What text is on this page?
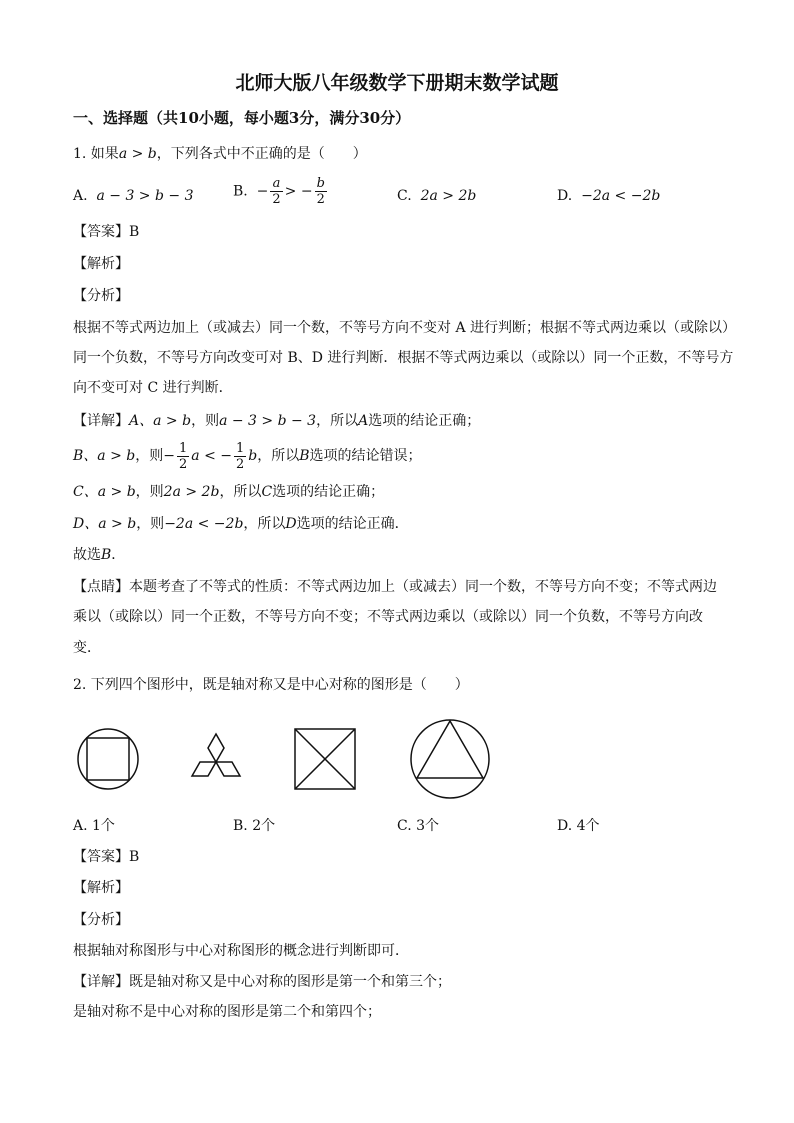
北师大版八年级数学下册期末数学试题
一、选择题（共10小题，每小题3分，满分30分）
1. 如果a > b，下列各式中不正确的是（　　）
A. a − 3 > b − 3	B. − $\frac{a}{2}$ > − $\frac{b}{2}$	C. 2a > 2b	D. −2a < −2b
【答案】B
【解析】
【分析】
根据不等式两边加上（或减去）同一个数，不等号方向不变对 A 进行判断；根据不等式两边乘以（或除以）
同一个负数，不等号方向改变可对 B、D 进行判断．根据不等式两边乘以（或除以）同一个正数，不等号方
向不变可对 C 进行判断．
【详解】A、a > b，则a − 3 > b − 3，所以A选项的结论正确；
B、a > b，则− $\frac{1}{2}$ a < − $\frac{1}{2}$ b，所以B选项的结论错误；
C、a > b，则2a > 2b，所以C选项的结论正确；
D、a > b，则−2a < −2b，所以D选项的结论正确．
故选B．
【点睛】本题考查了不等式的性质：不等式两边加上（或减去）同一个数，不等号方向不变；不等式两边
乘以（或除以）同一个正数，不等号方向不变；不等式两边乘以（或除以）同一个负数，不等号方向改
变．
2. 下列四个图形中，既是轴对称又是中心对称的图形是（　　）
A. 1个	B. 2个	C. 3个	D. 4个
【答案】B
【解析】
【分析】
根据轴对称图形与中心对称图形的概念进行判断即可．
【详解】既是轴对称又是中心对称的图形是第一个和第三个；
是轴对称不是中心对称的图形是第二个和第四个；
